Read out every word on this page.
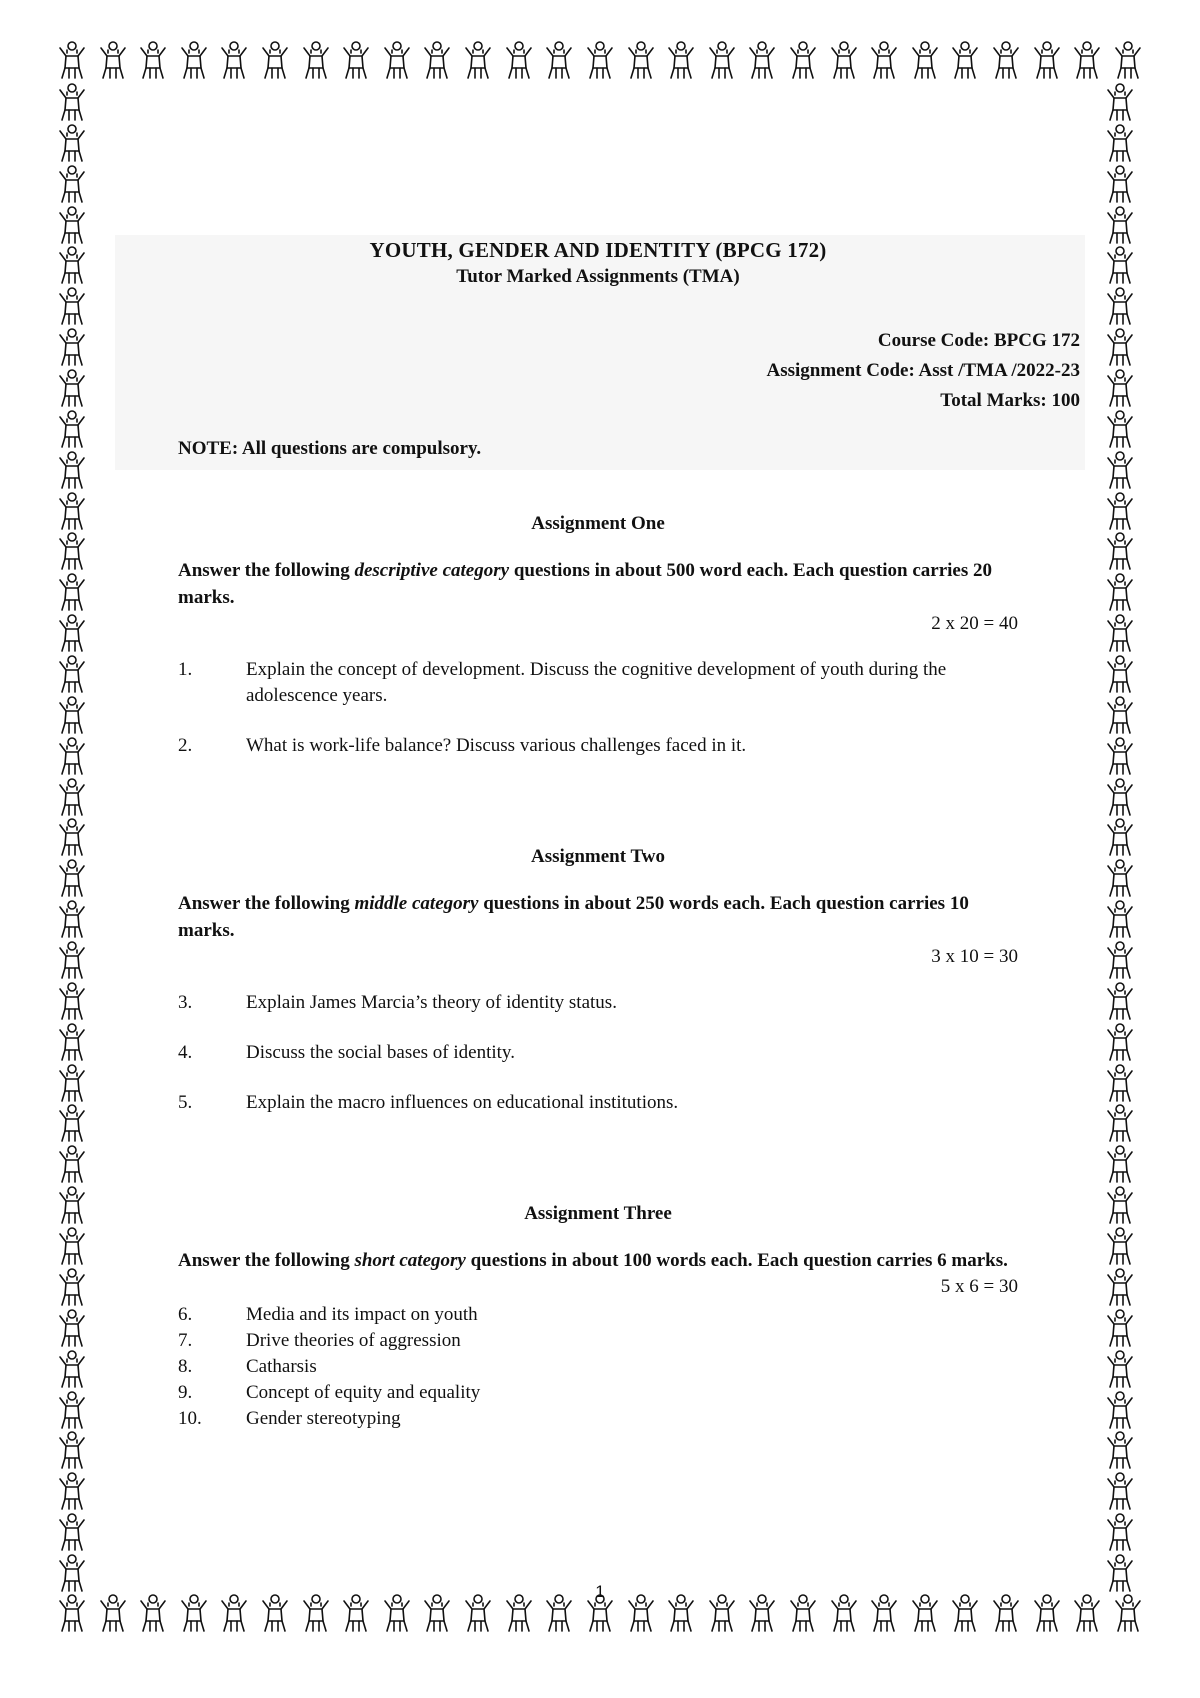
YOUTH, GENDER AND IDENTITY (BPCG 172)
Tutor Marked Assignments (TMA)
Course Code: BPCG 172
Assignment Code: Asst /TMA /2022-23
Total Marks: 100
NOTE: All questions are compulsory.
Assignment One
Answer the following descriptive category questions in about 500 word each. Each question carries 20 marks.
2 x 20 = 40
1.	Explain the concept of development. Discuss the cognitive development of youth during the adolescence years.
2.	What is work-life balance? Discuss various challenges faced in it.
Assignment Two
Answer the following middle category questions in about 250 words each. Each question carries 10 marks.
3 x 10 = 30
3.	Explain James Marcia’s theory of identity status.
4.	Discuss the social bases of identity.
5.	Explain the macro influences on educational institutions.
Assignment Three
Answer the following short category questions in about 100 words each. Each question carries 6 marks.
5 x 6 = 30
6.	Media and its impact on youth
7.	Drive theories of aggression
8.	Catharsis
9.	Concept of equity and equality
10.	Gender stereotyping
1
